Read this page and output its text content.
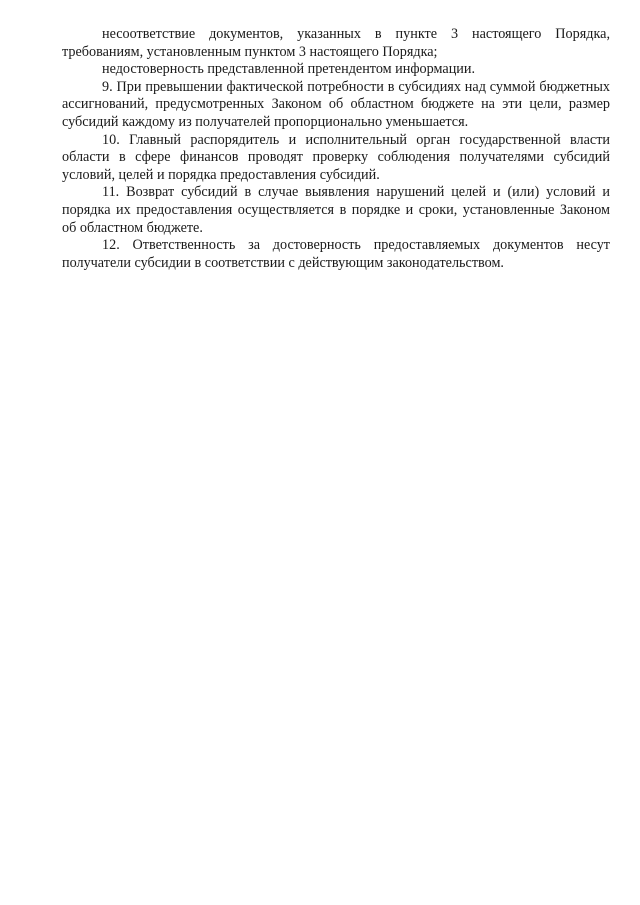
несоответствие документов, указанных в пункте 3 настоящего Порядка, требованиям, установленным пунктом 3 настоящего Порядка;

недостоверность представленной претендентом информации.

9. При превышении фактической потребности в субсидиях над суммой бюджетных ассигнований, предусмотренных Законом об областном бюджете на эти цели, размер субсидий каждому из получателей пропорционально уменьшается.

10. Главный распорядитель и исполнительный орган государственной власти области в сфере финансов проводят проверку соблюдения получателями субсидий условий, целей и порядка предоставления субсидий.

11. Возврат субсидий в случае выявления нарушений целей и (или) условий и порядка их предоставления осуществляется в порядке и сроки, установленные Законом об областном бюджете.

12. Ответственность за достоверность предоставляемых документов несут получатели субсидии в соответствии с действующим законодательством.
